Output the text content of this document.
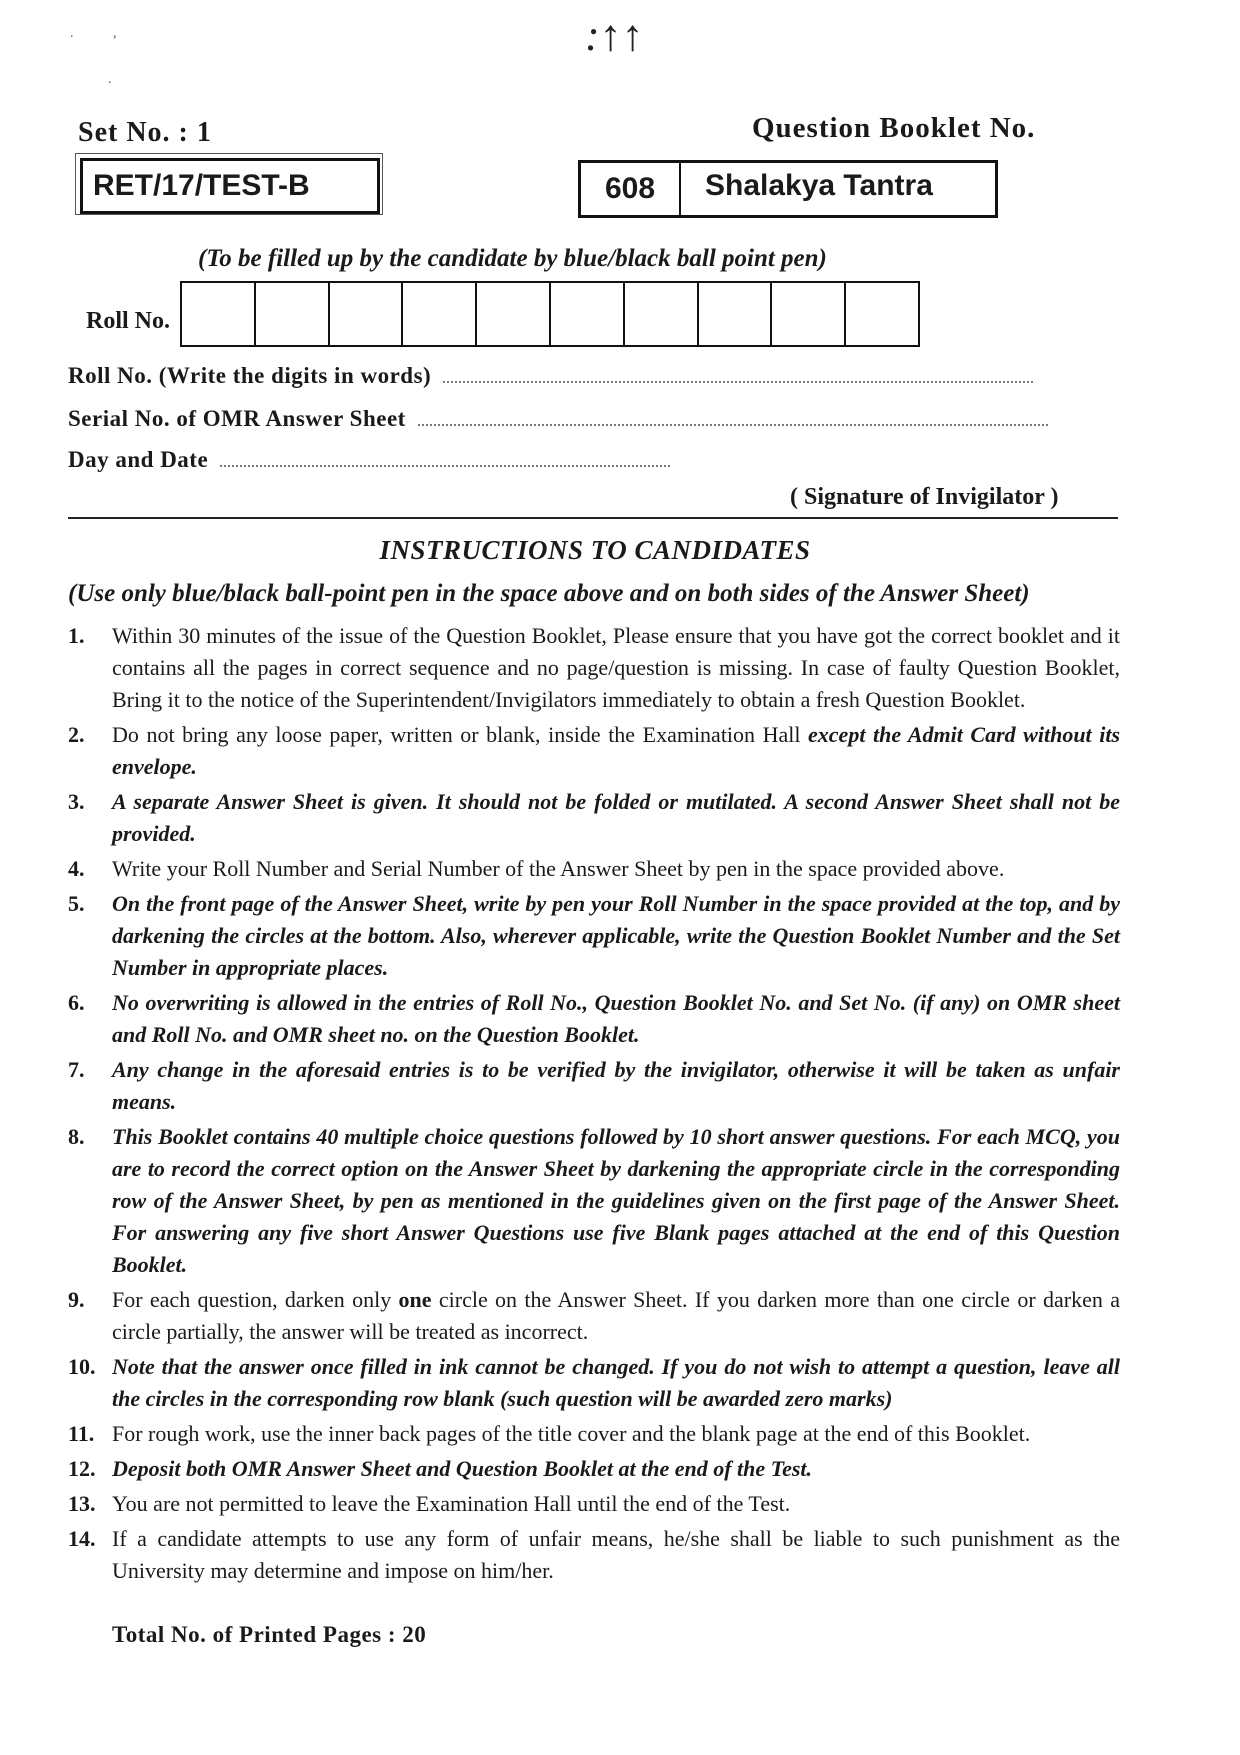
. ,
.
:↑↑
Set No. : 1	Question Booklet No.
RET/17/TEST-B	608	Shalakya Tantra
(To be filled up by the candidate by blue/black ball point pen)
Roll No.
Roll No. (Write the digits in words)
Serial No. of OMR Answer Sheet
Day and Date
( Signature of Invigilator )
INSTRUCTIONS TO CANDIDATES
(Use only blue/black ball-point pen in the space above and on both sides of the Answer Sheet)
1.	Within 30 minutes of the issue of the Question Booklet, Please ensure that you have got the correct booklet and it contains all the pages in correct sequence and no page/question is missing. In case of faulty Question Booklet, Bring it to the notice of the Superintendent/Invigilators immediately to obtain a fresh Question Booklet.
2.	Do not bring any loose paper, written or blank, inside the Examination Hall except the Admit Card without its envelope.
3.	A separate Answer Sheet is given. It should not be folded or mutilated. A second Answer Sheet shall not be provided.
4.	Write your Roll Number and Serial Number of the Answer Sheet by pen in the space provided above.
5.	On the front page of the Answer Sheet, write by pen your Roll Number in the space provided at the top, and by darkening the circles at the bottom. Also, wherever applicable, write the Question Booklet Number and the Set Number in appropriate places.
6.	No overwriting is allowed in the entries of Roll No., Question Booklet No. and Set No. (if any) on OMR sheet and Roll No. and OMR sheet no. on the Question Booklet.
7.	Any change in the aforesaid entries is to be verified by the invigilator, otherwise it will be taken as unfair means.
8.	This Booklet contains 40 multiple choice questions followed by 10 short answer questions. For each MCQ, you are to record the correct option on the Answer Sheet by darkening the appropriate circle in the corresponding row of the Answer Sheet, by pen as mentioned in the guidelines given on the first page of the Answer Sheet. For answering any five short Answer Questions use five Blank pages attached at the end of this Question Booklet.
9.	For each question, darken only one circle on the Answer Sheet. If you darken more than one circle or darken a circle partially, the answer will be treated as incorrect.
10. Note that the answer once filled in ink cannot be changed. If you do not wish to attempt a question, leave all the circles in the corresponding row blank (such question will be awarded zero marks)
11. For rough work, use the inner back pages of the title cover and the blank page at the end of this Booklet.
12. Deposit both OMR Answer Sheet and Question Booklet at the end of the Test.
13. You are not permitted to leave the Examination Hall until the end of the Test.
14. If a candidate attempts to use any form of unfair means, he/she shall be liable to such punishment as the University may determine and impose on him/her.
Total No. of Printed Pages : 20
